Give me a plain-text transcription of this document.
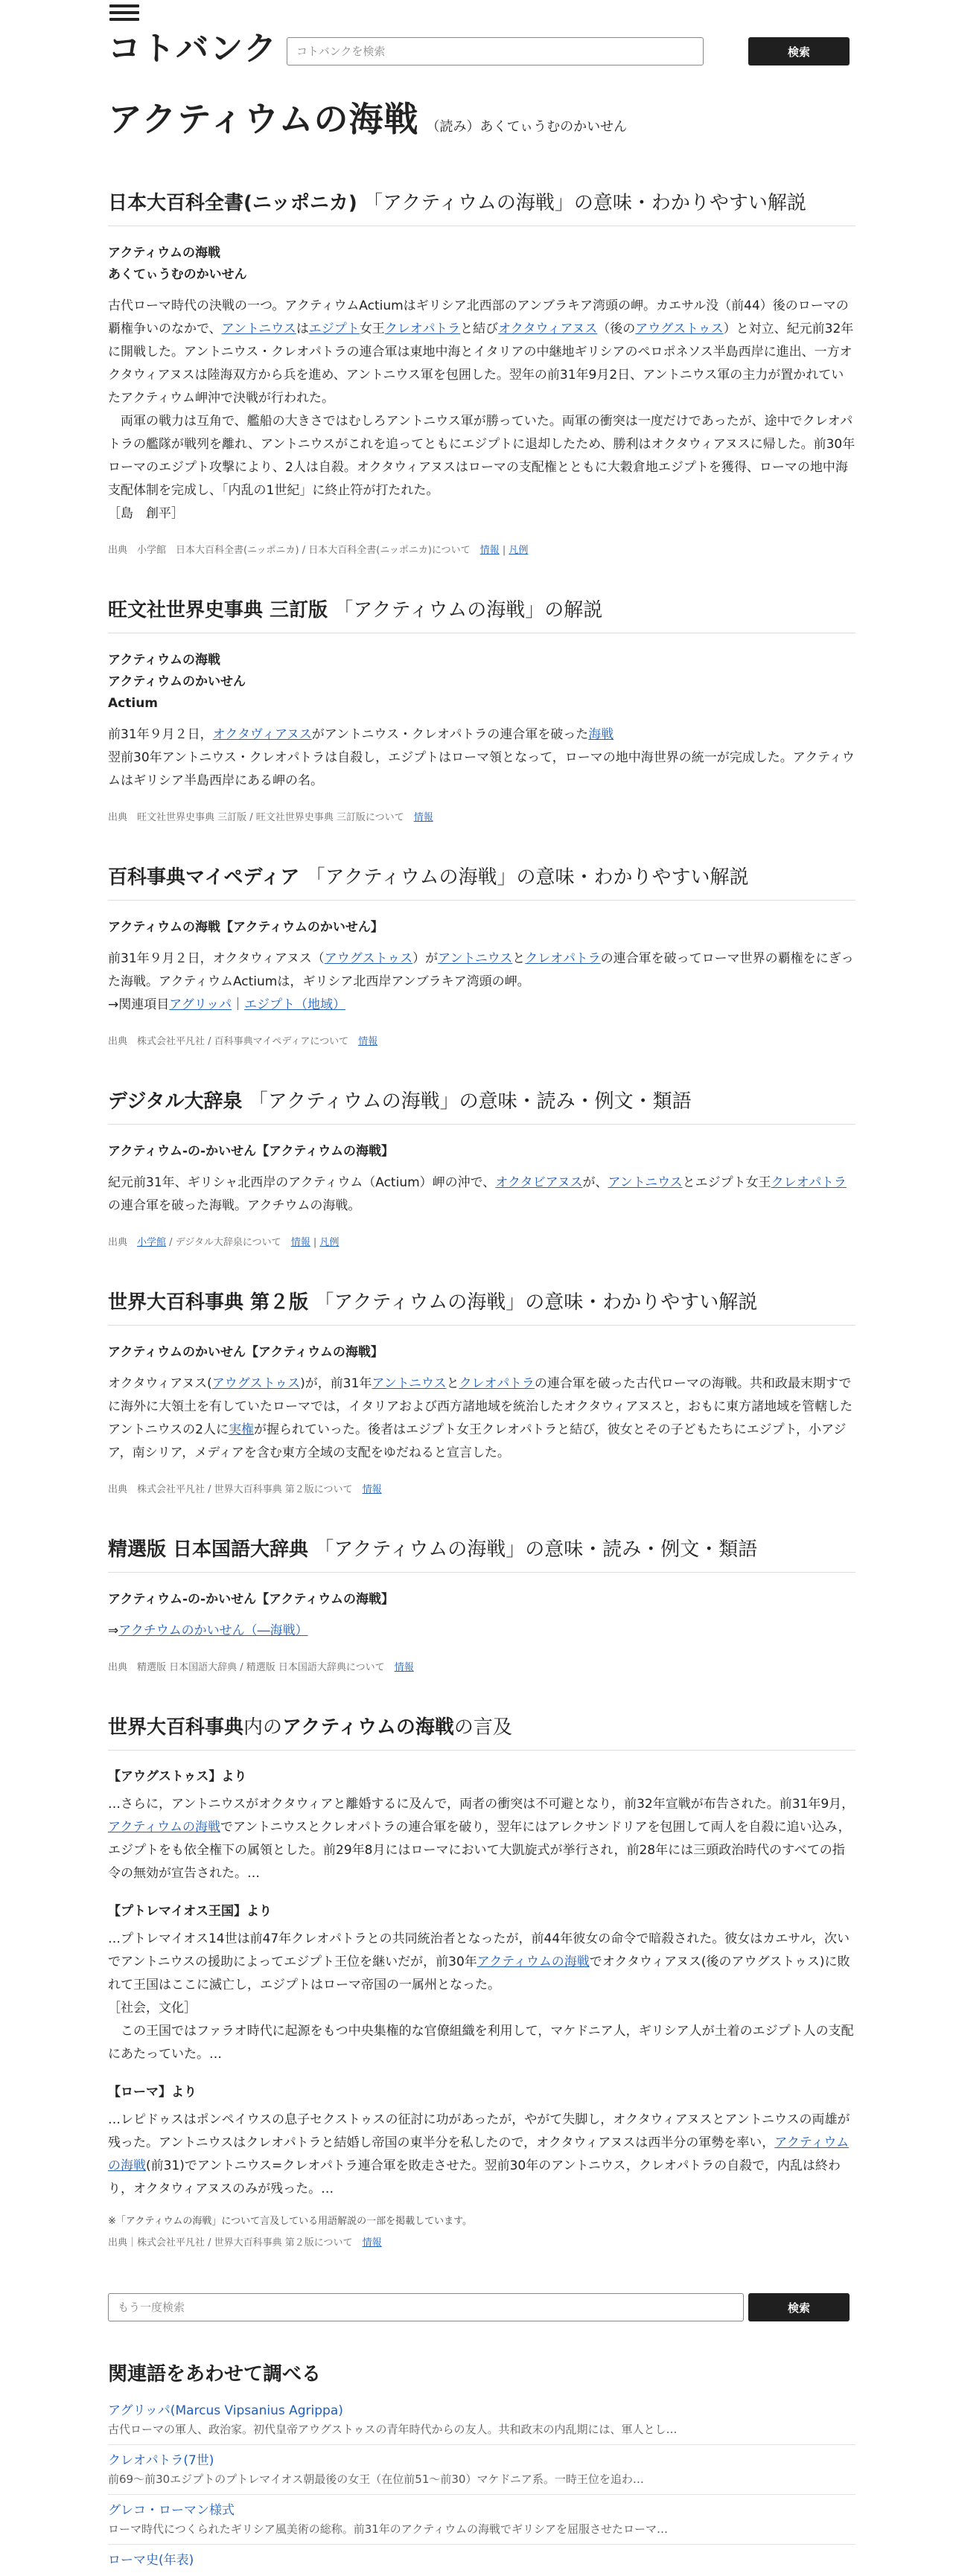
コトバンク
コトバンクを検索	検索
アクティウムの海戦 （読み）あくてぃうむのかいせん
日本大百科全書(ニッポニカ) 「アクティウムの海戦」の意味・わかりやすい解説
アクティウムの海戦
あくてぃうむのかいせん

古代ローマ時代の決戦の一つ。アクティウムActiumはギリシア北西部のアンブラキア湾頭の岬。カエサル没（前44）後のローマの覇権争いのなかで、アントニウスはエジプト女王クレオパトラと結びオクタウィアヌス（後のアウグストゥス）と対立、紀元前32年に開戦した。アントニウス・クレオパトラの連合軍は東地中海とイタリアの中継地ギリシアのペロポネソス半島西岸に進出、一方オクタウィアヌスは陸海双方から兵を進め、アントニウス軍を包囲した。翌年の前31年9月2日、アントニウス軍の主力が置かれていたアクティウム岬沖で決戦が行われた。

　両軍の戦力は互角で、艦船の大きさではむしろアントニウス軍が勝っていた。両軍の衝突は一度だけであったが、途中でクレオパトラの艦隊が戦列を離れ、アントニウスがこれを追ってともにエジプトに退却したため、勝利はオクタウィアヌスに帰した。前30年ローマのエジプト攻撃により、2人は自殺。オクタウィアヌスはローマの支配権とともに大穀倉地エジプトを獲得、ローマの地中海支配体制を完成し、「内乱の1世紀」に終止符が打たれた。

［島　創平］

出典　小学館　日本大百科全書(ニッポニカ) / 日本大百科全書(ニッポニカ)について　 情報 | 凡例
旺文社世界史事典 三訂版 「アクティウムの海戦」の解説
アクティウムの海戦
アクティウムのかいせん
Actium

前31年９月２日，オクタヴィアヌスがアントニウス・クレオパトラの連合軍を破った海戦

翌前30年アントニウス・クレオパトラは自殺し，エジプトはローマ領となって，ローマの地中海世界の統一が完成した。アクティウムはギリシア半島西岸にある岬の名。

出典　旺文社世界史事典 三訂版 / 旺文社世界史事典 三訂版について　 情報
百科事典マイペディア 「アクティウムの海戦」の意味・わかりやすい解説
アクティウムの海戦【アクティウムのかいせん】

前31年９月２日，オクタウィアヌス（アウグストゥス）がアントニウスとクレオパトラの連合軍を破ってローマ世界の覇権をにぎった海戦。アクティウムActiumは，ギリシア北西岸アンブラキア湾頭の岬。

→関連項目アグリッパ｜エジプト（地域）

出典　株式会社平凡社 / 百科事典マイペディアについて　 情報
デジタル大辞泉 「アクティウムの海戦」の意味・読み・例文・類語
アクティウム‐の‐かいせん【アクティウムの海戦】

紀元前31年、ギリシャ北西岸のアクティウム（Actium）岬の沖で、オクタビアヌスが、アントニウスとエジプト女王クレオパトラの連合軍を破った海戦。アクチウムの海戦。

出典　 小学館 / デジタル大辞泉について　 情報 | 凡例
世界大百科事典 第２版 「アクティウムの海戦」の意味・わかりやすい解説
アクティウムのかいせん【アクティウムの海戦】

オクタウィアヌス(アウグストゥス)が，前31年アントニウスとクレオパトラの連合軍を破った古代ローマの海戦。共和政最末期すでに海外に大領土を有していたローマでは，イタリアおよび西方諸地域を統治したオクタウィアヌスと，おもに東方諸地域を管轄したアントニウスの2人に実権が握られていった。後者はエジプト女王クレオパトラと結び，彼女とその子どもたちにエジプト，小アジア，南シリア，メディアを含む東方全域の支配をゆだねると宣言した。

出典　株式会社平凡社 / 世界大百科事典 第２版について　 情報
精選版 日本国語大辞典 「アクティウムの海戦」の意味・読み・例文・類語
アクティウム‐の‐かいせん【アクティウムの海戦】

⇒アクチウムのかいせん（―海戦）

出典　精選版 日本国語大辞典 / 精選版 日本国語大辞典について　 情報
世界大百科事典内のアクティウムの海戦の言及
【アウグストゥス】より

…さらに，アントニウスがオクタウィアと離婚するに及んで，両者の衝突は不可避となり，前32年宣戦が布告された。前31年9月，アクティウムの海戦でアントニウスとクレオパトラの連合軍を破り，翌年にはアレクサンドリアを包囲して両人を自殺に追い込み，エジプトをも依全権下の属領とした。前29年8月にはローマにおいて大凱旋式が挙行され，前28年には三頭政治時代のすべての指令の無効が宣告された。…

【プトレマイオス王国】より

…プトレマイオス14世は前47年クレオパトラとの共同統治者となったが，前44年彼女の命令で暗殺された。彼女はカエサル，次いでアントニウスの援助によってエジプト王位を継いだが，前30年アクティウムの海戦でオクタウィアヌス(後のアウグストゥス)に敗れて王国はここに滅亡し，エジプトはローマ帝国の一属州となった。

［社会，文化］

　この王国ではファラオ時代に起源をもつ中央集権的な官僚組織を利用して，マケドニア人，ギリシア人が土着のエジプト人の支配にあたっていた。…

【ローマ】より

…レピドゥスはポンペイウスの息子セクストゥスの征討に功があったが，やがて失脚し，オクタウィアヌスとアントニウスの両雄が残った。アントニウスはクレオパトラと結婚し帝国の東半分を私したので，オクタウィアヌスは西半分の軍勢を率い，アクティウムの海戦(前31)でアントニウス=クレオパトラ連合軍を敗走させた。翌前30年のアントニウス，クレオパトラの自殺で，内乱は終わり，オクタウィアヌスのみが残った。…

※「アクティウムの海戦」について言及している用語解説の一部を掲載しています。
出典｜株式会社平凡社 / 世界大百科事典 第２版について　 情報
もう一度検索
検索
関連語をあわせて調べる
アグリッパ(Marcus Vipsanius Agrippa)
古代ローマの軍人、政治家。初代皇帝アウグストゥスの青年時代からの友人。共和政末の内乱期には、軍人とし…
クレオパトラ(7世)
前69～前30エジプトのプトレマイオス朝最後の女王（在位前51～前30）マケドニア系。一時王位を追わ…
グレコ・ローマン様式
ローマ時代につくられたギリシア風美術の総称。前31年のアクティウムの海戦でギリシアを屈服させたローマ…
ローマ史(年表)
